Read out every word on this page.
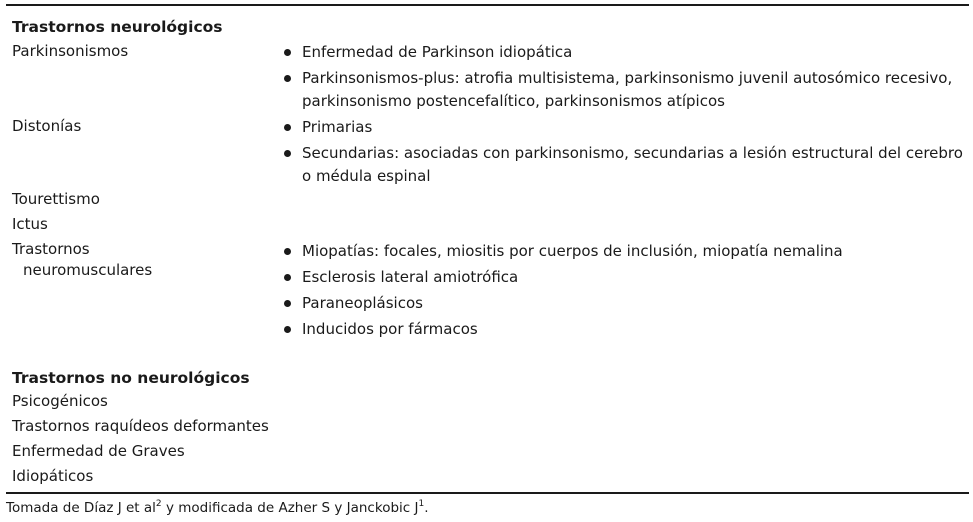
Trastornos neurológicos
Parkinsonismos	Enfermedad de Parkinson idiopática
Parkinsonismos-plus: atrofia multisistema, parkinsonismo juvenil autosómico recesivo, parkinsonismo postencefalítico, parkinsonismos atípicos
Distonías	Primarias
Secundarias: asociadas con parkinsonismo, secundarias a lesión estructural del cerebro o médula espinal
Tourettismo
Ictus
Trastornos
neuromusculares
Miopatías: focales, miositis por cuerpos de inclusión, miopatía nemalina
Esclerosis lateral amiotrófica
Paraneoplásicos
Inducidos por fármacos
Trastornos no neurológicos
Psicogénicos
Trastornos raquídeos deformantes
Enfermedad de Graves
Idiopáticos
Tomada de Díaz J et $al^2$ y modificada de Azher S y Janckobic $J^1$.
